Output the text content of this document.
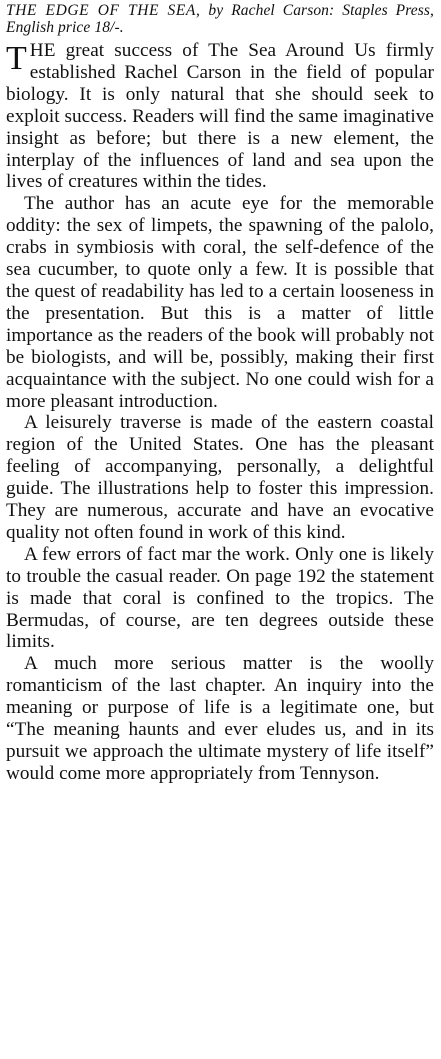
THE EDGE OF THE SEA, by Rachel Carson: Staples Press, English price 18/-.

THE great success of The Sea Around Us firmly established Rachel Carson in the field of popular biology. It is only natural that she should seek to exploit success. Readers will find the same imaginative insight as before; but there is a new element, the interplay of the influences of land and sea upon the lives of creatures within the tides.

The author has an acute eye for the memorable oddity: the sex of limpets, the spawning of the palolo, crabs in symbiosis with coral, the self-defence of the sea cucumber, to quote only a few. It is possible that the quest of readability has led to a certain looseness in the presentation. But this is a matter of little importance as the readers of the book will probably not be biologists, and will be, possibly, making their first acquaintance with the subject. No one could wish for a more pleasant introduction.

A leisurely traverse is made of the eastern coastal region of the United States. One has the pleasant feeling of accompanying, personally, a delightful guide. The illustrations help to foster this impression. They are numerous, accurate and have an evocative quality not often found in work of this kind.

A few errors of fact mar the work. Only one is likely to trouble the casual reader. On page 192 the statement is made that coral is confined to the tropics. The Bermudas, of course, are ten degrees outside these limits.

A much more serious matter is the woolly romanticism of the last chapter. An inquiry into the meaning or purpose of life is a legitimate one, but “The meaning haunts and ever eludes us, and in its pursuit we approach the ultimate mystery of life itself” would come more appropriately from Tennyson.
